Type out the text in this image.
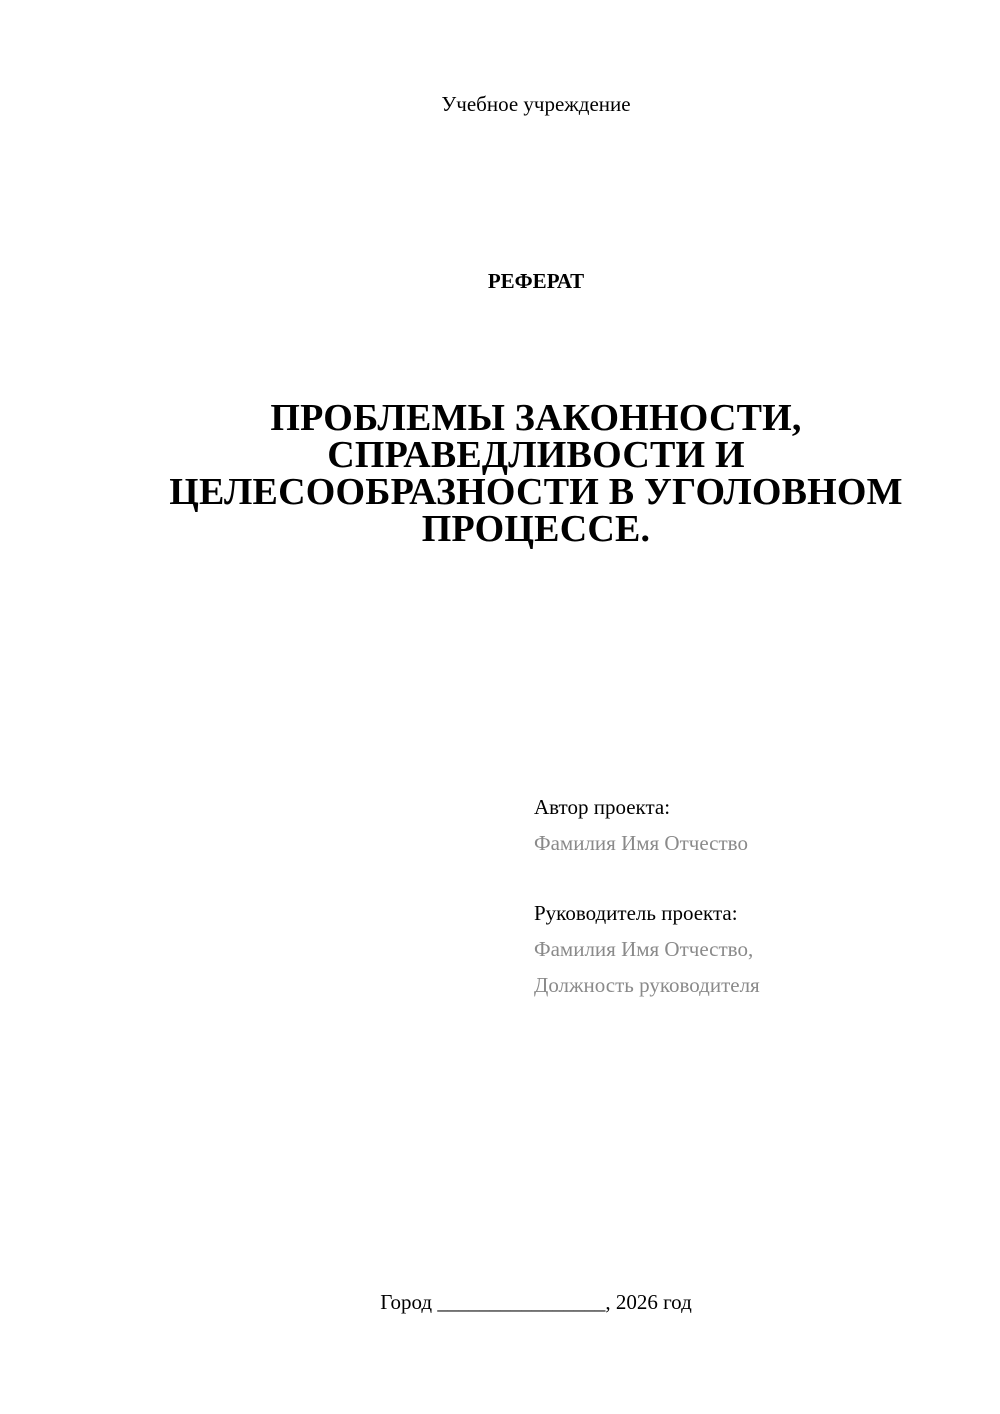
Учебное учреждение
РЕФЕРАТ
ПРОБЛЕМЫ ЗАКОННОСТИ,
СПРАВЕДЛИВОСТИ И
ЦЕЛЕСООБРАЗНОСТИ В УГОЛОВНОМ
ПРОЦЕССЕ.
Автор проекта:
Фамилия Имя Отчество
Руководитель проекта:
Фамилия Имя Отчество,
Должность руководителя
Город ________________, 2026 год
